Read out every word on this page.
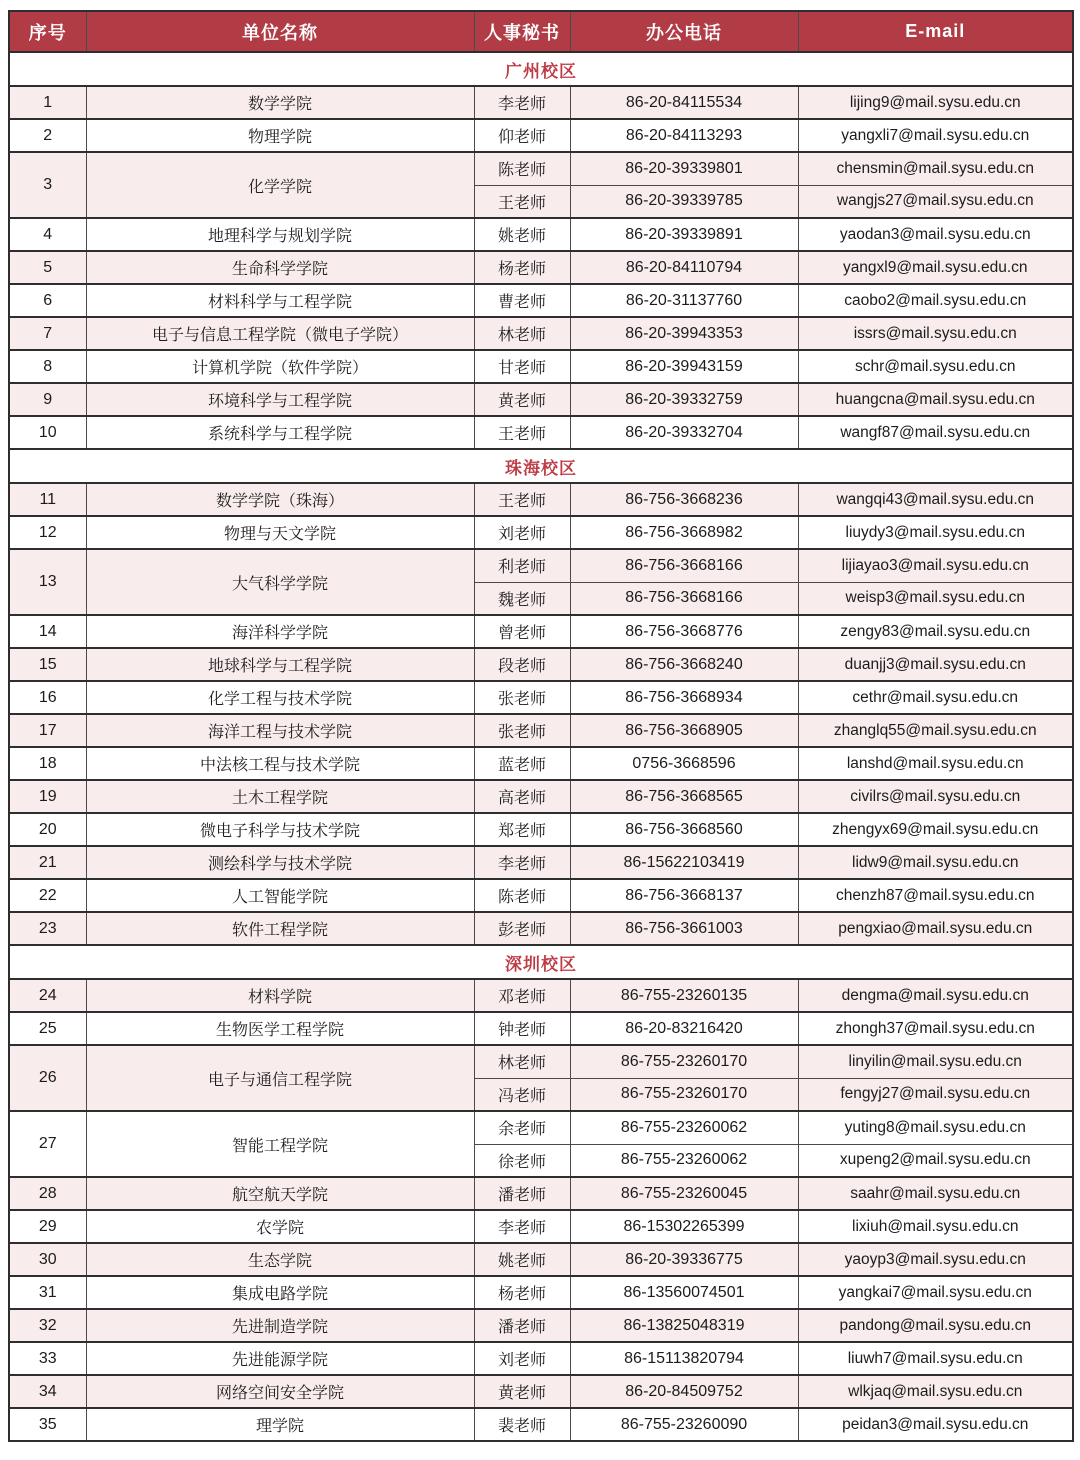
序号	单位名称	人事秘书	办公电话	E-mail
广州校区				
1	数学学院	李老师	86-20-84115534	lijing9@mail.sysu.edu.cn
2	物理学院	仰老师	86-20-84113293	yangxli7@mail.sysu.edu.cn
3	化学学院	陈老师	86-20-39339801	chensmin@mail.sysu.edu.cn
		王老师	86-20-39339785	wangjs27@mail.sysu.edu.cn
4	地理科学与规划学院	姚老师	86-20-39339891	yaodan3@mail.sysu.edu.cn
5	生命科学学院	杨老师	86-20-84110794	yangxl9@mail.sysu.edu.cn
6	材料科学与工程学院	曹老师	86-20-31137760	caobo2@mail.sysu.edu.cn
7	电子与信息工程学院（微电子学院）	林老师	86-20-39943353	issrs@mail.sysu.edu.cn
8	计算机学院（软件学院）	甘老师	86-20-39943159	schr@mail.sysu.edu.cn
9	环境科学与工程学院	黄老师	86-20-39332759	huangcna@mail.sysu.edu.cn
10	系统科学与工程学院	王老师	86-20-39332704	wangf87@mail.sysu.edu.cn
珠海校区				
11	数学学院（珠海）	王老师	86-756-3668236	wangqi43@mail.sysu.edu.cn
12	物理与天文学院	刘老师	86-756-3668982	liuydy3@mail.sysu.edu.cn
13	大气科学学院	利老师	86-756-3668166	lijiayao3@mail.sysu.edu.cn
		魏老师	86-756-3668166	weisp3@mail.sysu.edu.cn
14	海洋科学学院	曾老师	86-756-3668776	zengy83@mail.sysu.edu.cn
15	地球科学与工程学院	段老师	86-756-3668240	duanjj3@mail.sysu.edu.cn
16	化学工程与技术学院	张老师	86-756-3668934	cethr@mail.sysu.edu.cn
17	海洋工程与技术学院	张老师	86-756-3668905	zhanglq55@mail.sysu.edu.cn
18	中法核工程与技术学院	蓝老师	0756-3668596	lanshd@mail.sysu.edu.cn
19	土木工程学院	高老师	86-756-3668565	civilrs@mail.sysu.edu.cn
20	微电子科学与技术学院	郑老师	86-756-3668560	zhengyx69@mail.sysu.edu.cn
21	测绘科学与技术学院	李老师	86-15622103419	lidw9@mail.sysu.edu.cn
22	人工智能学院	陈老师	86-756-3668137	chenzh87@mail.sysu.edu.cn
23	软件工程学院	彭老师	86-756-3661003	pengxiao@mail.sysu.edu.cn
深圳校区				
24	材料学院	邓老师	86-755-23260135	dengma@mail.sysu.edu.cn
25	生物医学工程学院	钟老师	86-20-83216420	zhongh37@mail.sysu.edu.cn
26	电子与通信工程学院	林老师	86-755-23260170	linyilin@mail.sysu.edu.cn
		冯老师	86-755-23260170	fengyj27@mail.sysu.edu.cn
27	智能工程学院	余老师	86-755-23260062	yuting8@mail.sysu.edu.cn
		徐老师	86-755-23260062	xupeng2@mail.sysu.edu.cn
28	航空航天学院	潘老师	86-755-23260045	saahr@mail.sysu.edu.cn
29	农学院	李老师	86-15302265399	lixiuh@mail.sysu.edu.cn
30	生态学院	姚老师	86-20-39336775	yaoyp3@mail.sysu.edu.cn
31	集成电路学院	杨老师	86-13560074501	yangkai7@mail.sysu.edu.cn
32	先进制造学院	潘老师	86-13825048319	pandong@mail.sysu.edu.cn
33	先进能源学院	刘老师	86-15113820794	liuwh7@mail.sysu.edu.cn
34	网络空间安全学院	黄老师	86-20-84509752	wlkjaq@mail.sysu.edu.cn
35	理学院	裴老师	86-755-23260090	peidan3@mail.sysu.edu.cn
